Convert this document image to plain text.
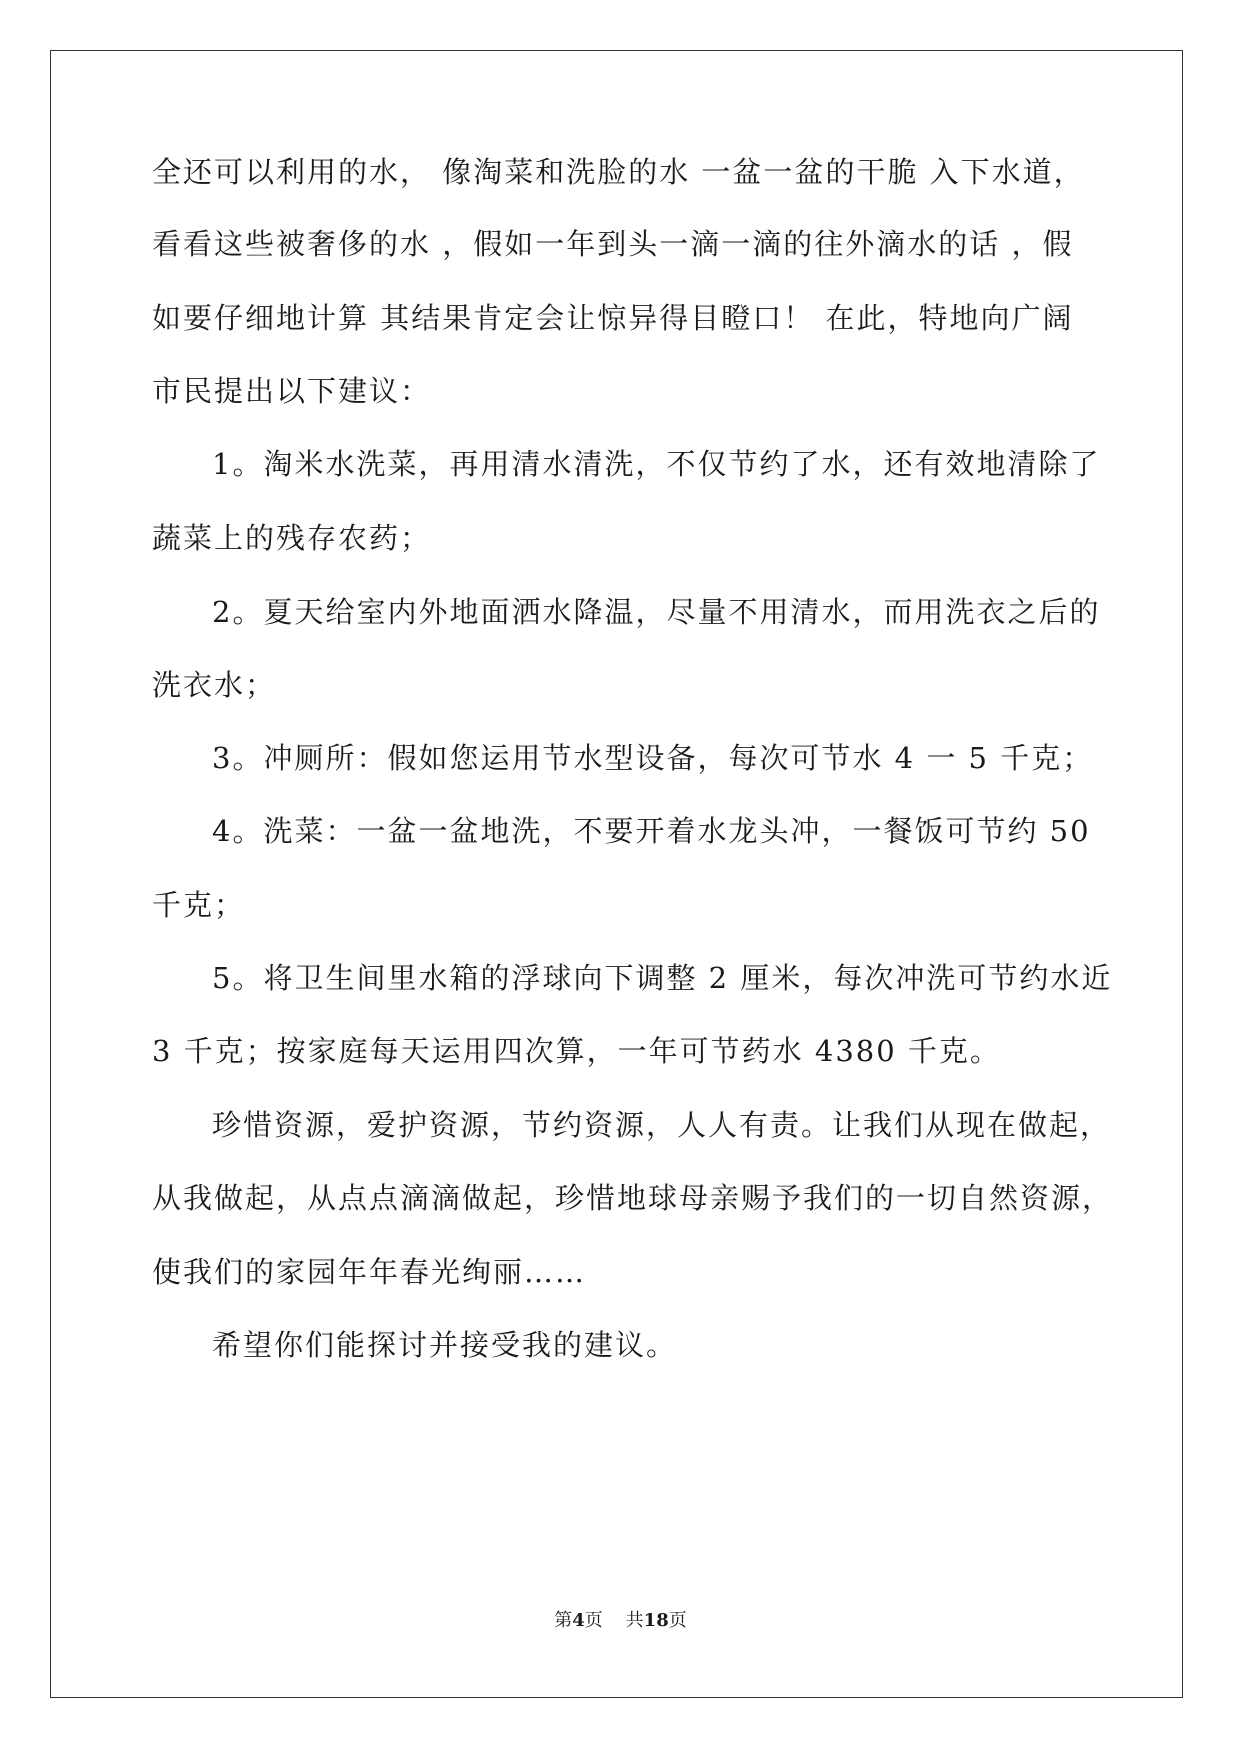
全还可以利用的水， 像淘菜和洗脸的水 一盆一盆的干脆 入下水道，
看看这些被奢侈的水 ，假如一年到头一滴一滴的往外滴水的话 ，假
如要仔细地计算 其结果肯定会让惊异得目瞪口！ 在此，特地向广阔
市民提出以下建议：
1。淘米水洗菜，再用清水清洗，不仅节约了水，还有效地清除了
蔬菜上的残存农药；
2。夏天给室内外地面洒水降温，尽量不用清水，而用洗衣之后的
洗衣水；
3。冲厕所：假如您运用节水型设备，每次可节水 4 一 5 千克；
4。洗菜：一盆一盆地洗，不要开着水龙头冲，一餐饭可节约 50
千克；
5。将卫生间里水箱的浮球向下调整 2 厘米，每次冲洗可节约水近
3 千克；按家庭每天运用四次算，一年可节药水 4380 千克。
珍惜资源，爱护资源，节约资源，人人有责。让我们从现在做起，
从我做起，从点点滴滴做起，珍惜地球母亲赐予我们的一切自然资源，
使我们的家园年年春光绚丽……
希望你们能探讨并接受我的建议。
第4页 共18页
